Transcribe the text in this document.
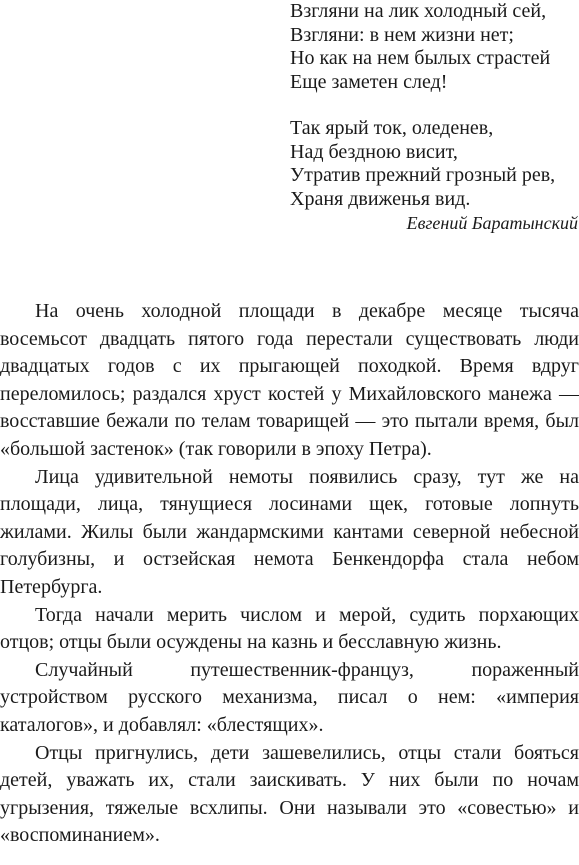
Взгляни на лик холодный сей,
Взгляни: в нем жизни нет;
Но как на нем былых страстей
Еще заметен след!
Так ярый ток, оледенев,
Над бездною висит,
Утратив прежний грозный рев,
Храня движенья вид.
Евгений Баратынский

На очень холодной площади в декабре месяце тысяча восемьсот двадцать пятого года перестали существовать люди двадцатых годов с их прыгающей походкой. Время вдруг переломилось; раздался хруст костей у Михайловского манежа — восставшие бежали по телам товарищей — это пытали время, был «большой застенок» (так говорили в эпоху Петра).

Лица удивительной немоты появились сразу, тут же на площади, лица, тянущиеся лосинами щек, готовые лопнуть жилами. Жилы были жандармскими кантами северной небесной голубизны, и остзейская немота Бенкендорфа стала небом Петербурга.

Тогда начали мерить числом и мерой, судить порхающих отцов; отцы были осуждены на казнь и бесславную жизнь.

Случайный путешественник-француз, пораженный устройством русского механизма, писал о нем: «империя каталогов», и добавлял: «блестящих».

Отцы пригнулись, дети зашевелились, отцы стали бояться детей, уважать их, стали заискивать. У них были по ночам угрызения, тяжелые всхлипы. Они называли это «совестью» и «воспоминанием».
